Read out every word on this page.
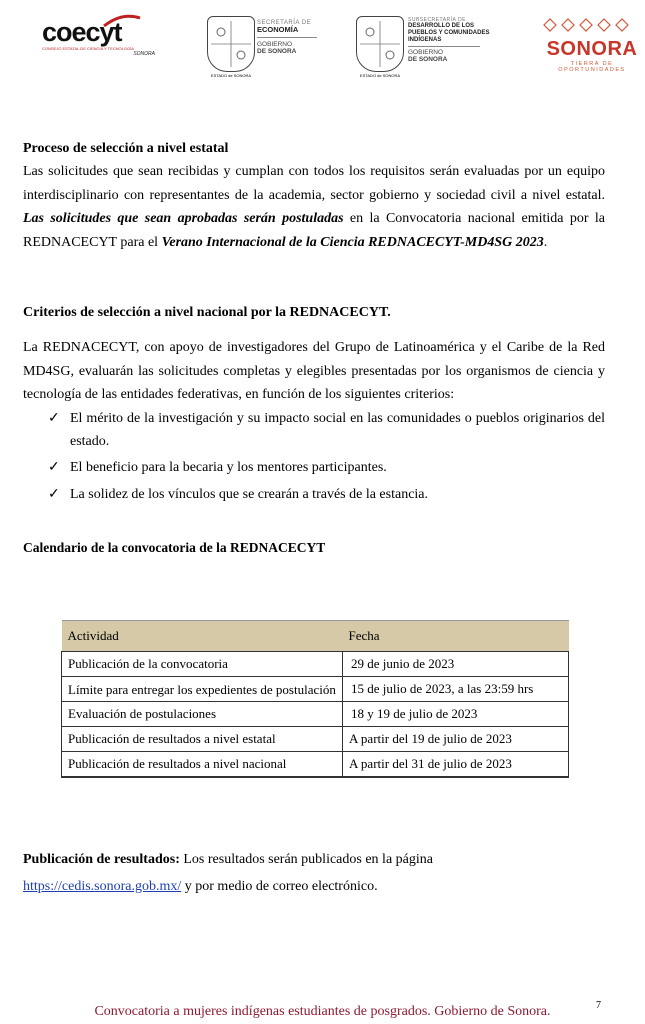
coecyt
CONSEJO ESTATAL DE CIENCIA Y TECNOLOGÍA
SONORA
ESTADO de SONORA
SECRETARÍA DE
ECONOMÍA
GOBIERNO
DE SONORA
ESTADO de SONORA
SUBSECRETARÍA DE
DESARROLLO DE LOS
PUEBLOS Y COMUNIDADES
INDÍGENAS
GOBIERNO
DE SONORA	SONORA
TIERRA DE OPORTUNIDADES

Proceso de selección a nivel estatal

Las solicitudes que sean recibidas y cumplan con todos los requisitos serán evaluadas por un equipo interdisciplinario con representantes de la academia, sector gobierno y sociedad civil a nivel estatal. Las solicitudes que sean aprobadas serán postuladas en la Convocatoria nacional emitida por la REDNACECYT para el Verano Internacional de la Ciencia REDNACECYT-MD4SG 2023.

Criterios de selección a nivel nacional por la REDNACECYT.

La REDNACECYT, con apoyo de investigadores del Grupo de Latinoamérica y el Caribe de la Red MD4SG, evaluarán las solicitudes completas y elegibles presentadas por los organismos de ciencia y tecnología de las entidades federativas, en función de los siguientes criterios:

✓ El mérito de la investigación y su impacto social en las comunidades o pueblos originarios del estado.
✓ El beneficio para la becaria y los mentores participantes.
✓ La solidez de los vínculos que se crearán a través de la estancia.

Calendario de la convocatoria de la REDNACECYT

Actividad	Fecha
Publicación de la convocatoria	29 de junio de 2023
Límite para entregar los expedientes de postulación	15 de julio de 2023, a las 23:59 hrs
Evaluación de postulaciones	18 y 19 de julio de 2023
Publicación de resultados a nivel estatal	A partir del 19 de julio de 2023
Publicación de resultados a nivel nacional	A partir del 31 de julio de 2023
Publicación de resultados: Los resultados serán publicados en la página
https://cedis.sonora.gob.mx/ y por medio de correo electrónico.
7
Convocatoria a mujeres indígenas estudiantes de posgrados. Gobierno de Sonora.
